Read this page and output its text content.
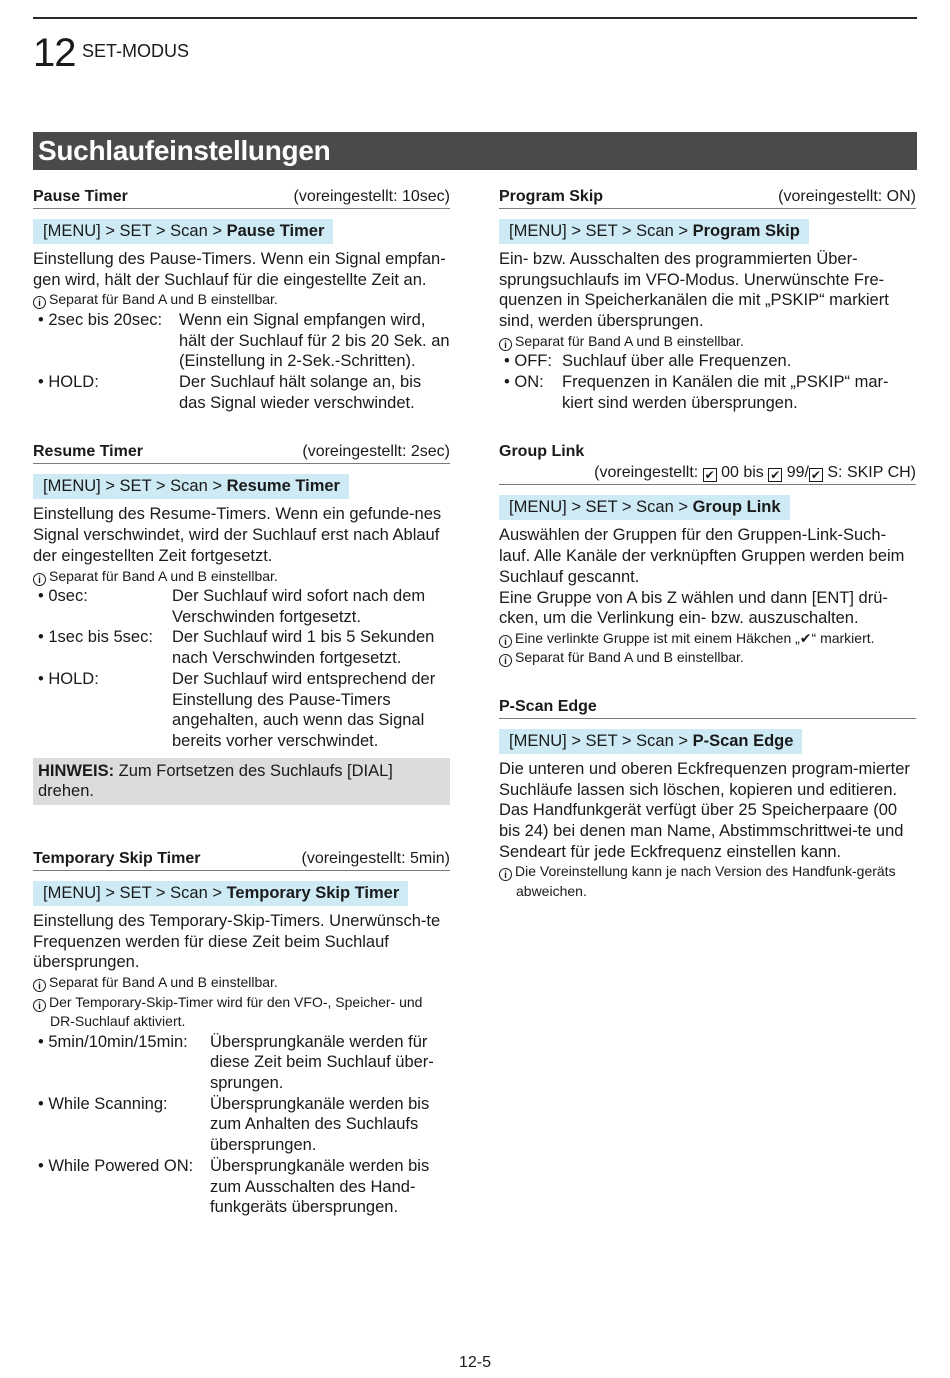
12 SET-MODUS
Suchlaufeinstellungen
Pause Timer	(voreingestellt: 10sec)
[MENU] > SET > Scan > Pause Timer

Einstellung des Pause-Timers. Wenn ein Signal empfan-gen wird, hält der Suchlauf für die eingestellte Zeit an.

i Separat für Band A und B einstellbar.
• 2sec bis 20sec:	Wenn ein Signal empfangen wird, hält der Suchlauf für 2 bis 20 Sek. an (Einstellung in 2-Sek.-Schritten).
• HOLD:	Der Suchlauf hält solange an, bis das Signal wieder verschwindet.
Resume Timer	(voreingestellt: 2sec)
[MENU] > SET > Scan > Resume Timer

Einstellung des Resume-Timers. Wenn ein gefunde-nes Signal verschwindet, wird der Suchlauf erst nach Ablauf der eingestellten Zeit fortgesetzt.

i Separat für Band A und B einstellbar.
• 0sec:	Der Suchlauf wird sofort nach dem Verschwinden fortgesetzt.
• 1sec bis 5sec:	Der Suchlauf wird 1 bis 5 Sekunden nach Verschwinden fortgesetzt.
• HOLD:	Der Suchlauf wird entsprechend der Einstellung des Pause-Timers angehalten, auch wenn das Signal bereits vorher verschwindet.
HINWEIS: Zum Fortsetzen des Suchlaufs [DIAL] drehen.
Temporary Skip Timer	(voreingestellt: 5min)
[MENU] > SET > Scan > Temporary Skip Timer

Einstellung des Temporary-Skip-Timers. Unerwünsch-te Frequenzen werden für diese Zeit beim Suchlauf übersprungen.

i Separat für Band A und B einstellbar.
i Der Temporary-Skip-Timer wird für den VFO-, Speicher- und DR-Suchlauf aktiviert.
• 5min/10min/15min:	Übersprungkanäle werden für diese Zeit beim Suchlauf über-sprungen.
• While Scanning:	Übersprungkanäle werden bis zum Anhalten des Suchlaufs übersprungen.
• While Powered ON:	Übersprungkanäle werden bis zum Ausschalten des Hand-funkgeräts übersprungen.
Program Skip	(voreingestellt: ON)
[MENU] > SET > Scan > Program Skip

Ein- bzw. Ausschalten des programmierten Über-sprungsuchlaufs im VFO-Modus. Unerwünschte Fre-quenzen in Speicherkanälen die mit „PSKIP“ markiert sind, werden übersprungen.

i Separat für Band A und B einstellbar.
• OFF: Suchlauf über alle Frequenzen.
• ON:	Frequenzen in Kanälen die mit „PSKIP“ mar-kiert sind werden übersprungen.
Group Link
(voreingestellt: ✔ 00 bis ✔ 99/ ✔ S: SKIP CH)
[MENU] > SET > Scan > Group Link

Auswählen der Gruppen für den Gruppen-Link-Such-lauf. Alle Kanäle der verknüpften Gruppen werden beim Suchlauf gescannt.

Eine Gruppe von A bis Z wählen und dann [ENT] drü-cken, um die Verlinkung ein- bzw. auszuschalten.

i Eine verlinkte Gruppe ist mit einem Häkchen „✔“ markiert.
i Separat für Band A und B einstellbar.
P-Scan Edge
[MENU] > SET > Scan > P-Scan Edge

Die unteren und oberen Eckfrequenzen program-mierter Suchläufe lassen sich löschen, kopieren und editieren.

Das Handfunkgerät verfügt über 25 Speicherpaare (00 bis 24) bei denen man Name, Abstimmschrittwei-te und Sendeart für jede Eckfrequenz einstellen kann.

i Die Voreinstellung kann je nach Version des Handfunk-geräts abweichen.
12-5
